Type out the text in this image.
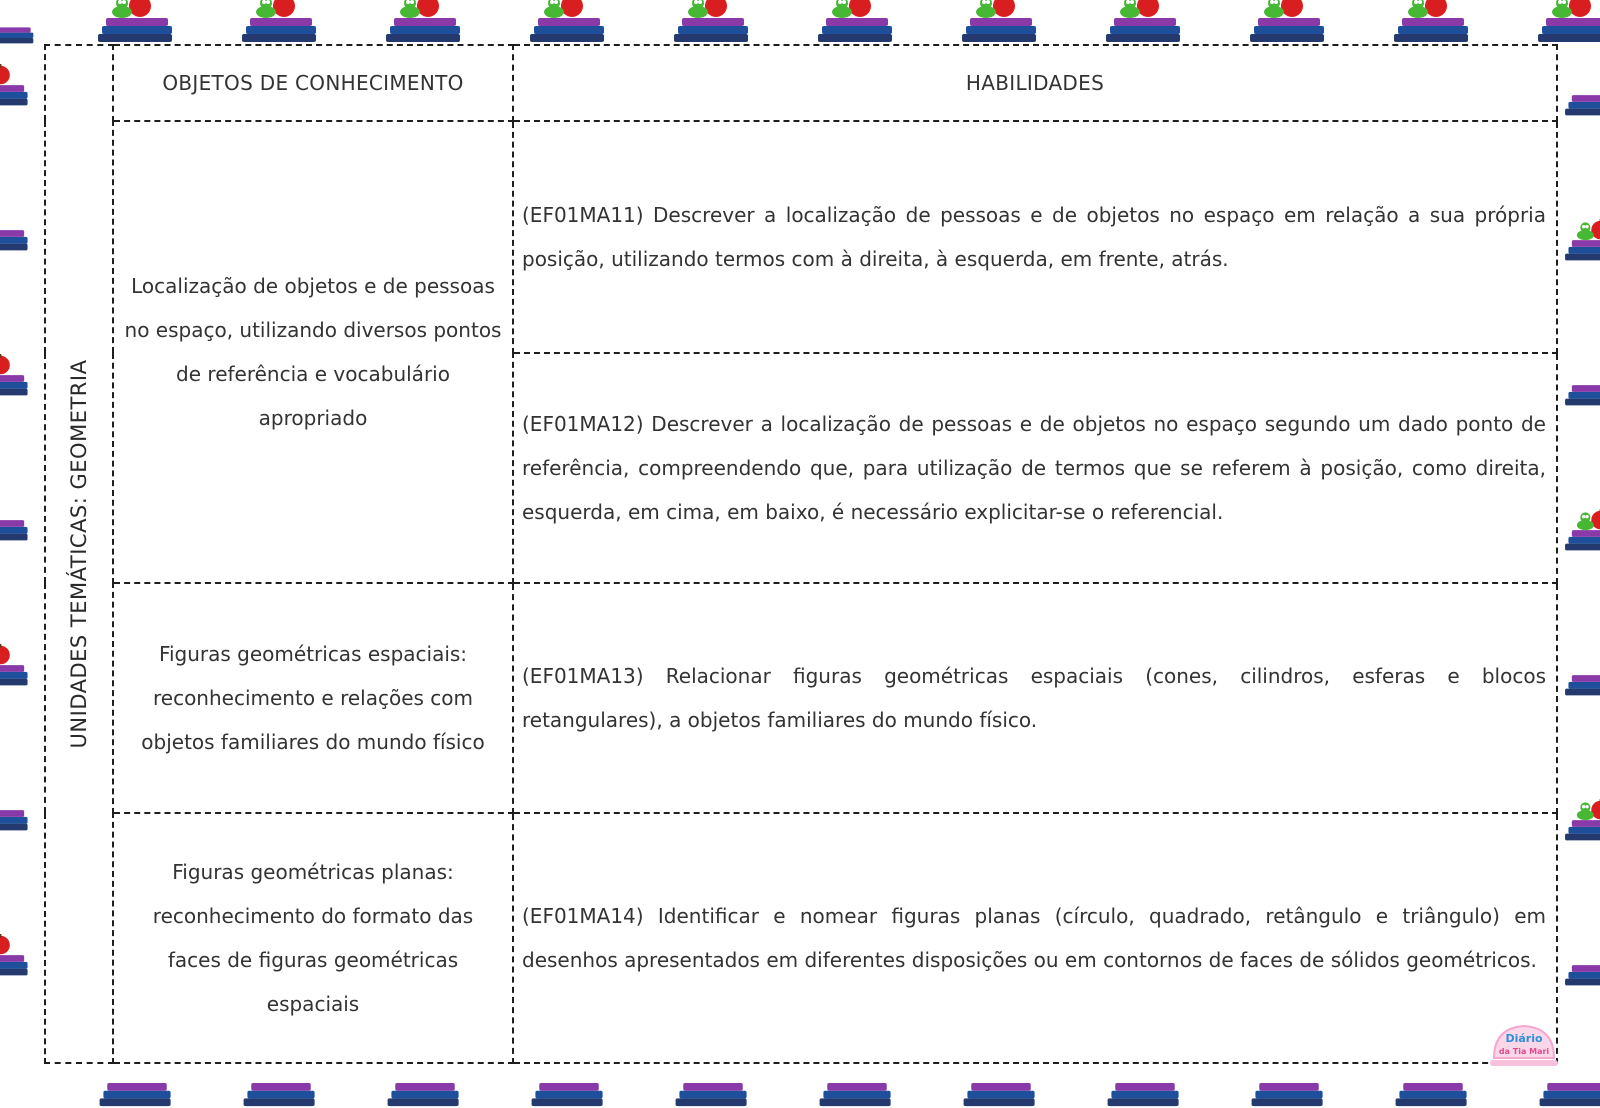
UNIDADES TEMÁTICAS: GEOMETRIA	OBJETOS DE CONHECIMENTO	HABILIDADES
	Localização de objetos e de pessoas no espaço, utilizando diversos pontos de referência e vocabulário apropriado	(EF01MA11) Descrever a localização de pessoas e de objetos no espaço em relação a sua própria posição, utilizando termos com à direita, à esquerda, em frente, atrás.
		(EF01MA12) Descrever a localização de pessoas e de objetos no espaço segundo um dado ponto de referência, compreendendo que, para utilização de termos que se referem à posição, como direita, esquerda, em cima, em baixo, é necessário explicitar-se o referencial.
	Figuras geométricas espaciais: reconhecimento e relações com objetos familiares do mundo físico	(EF01MA13) Relacionar figuras geométricas espaciais (cones, cilindros, esferas e blocos retangulares), a objetos familiares do mundo físico.
	Figuras geométricas planas: reconhecimento do formato das faces de figuras geométricas espaciais	(EF01MA14) Identificar e nomear figuras planas (círculo, quadrado, retângulo e triângulo) em desenhos apresentados em diferentes disposições ou em contornos de faces de sólidos geométricos.
Diário
da Tia Mari
